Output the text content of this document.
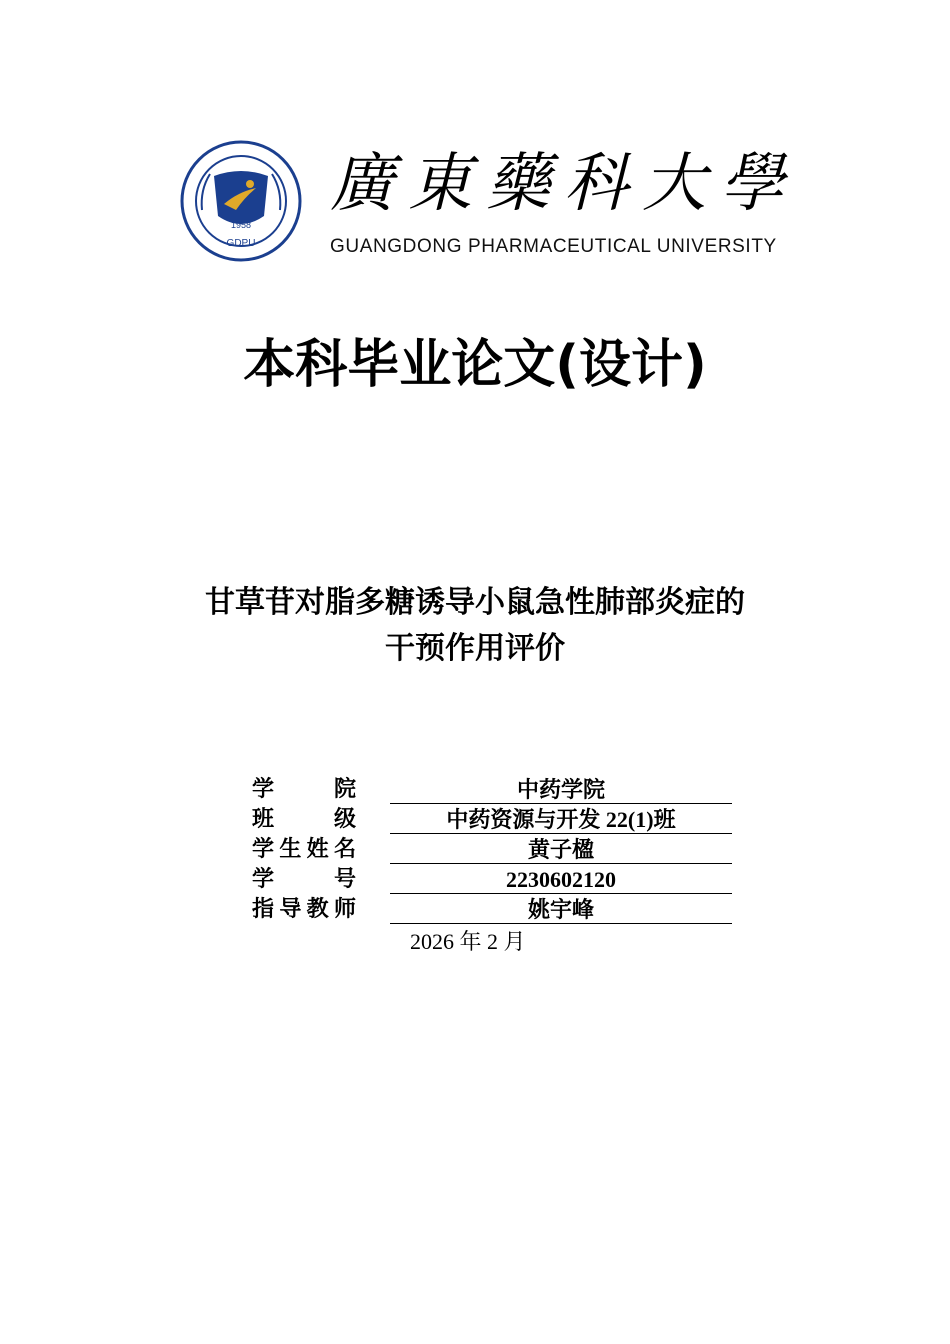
1958
GDPU
廣東藥科大學
GUANGDONG PHARMACEUTICAL UNIVERSITY
本科毕业论文(设计)
甘草苷对脂多糖诱导小鼠急性肺部炎症的
干预作用评价
学　院	中药学院
班　级	中药资源与开发 22(1)班
学生姓名	黄子楹
学　号	2230602120
指导教师	姚宇峰
2026 年 2 月
